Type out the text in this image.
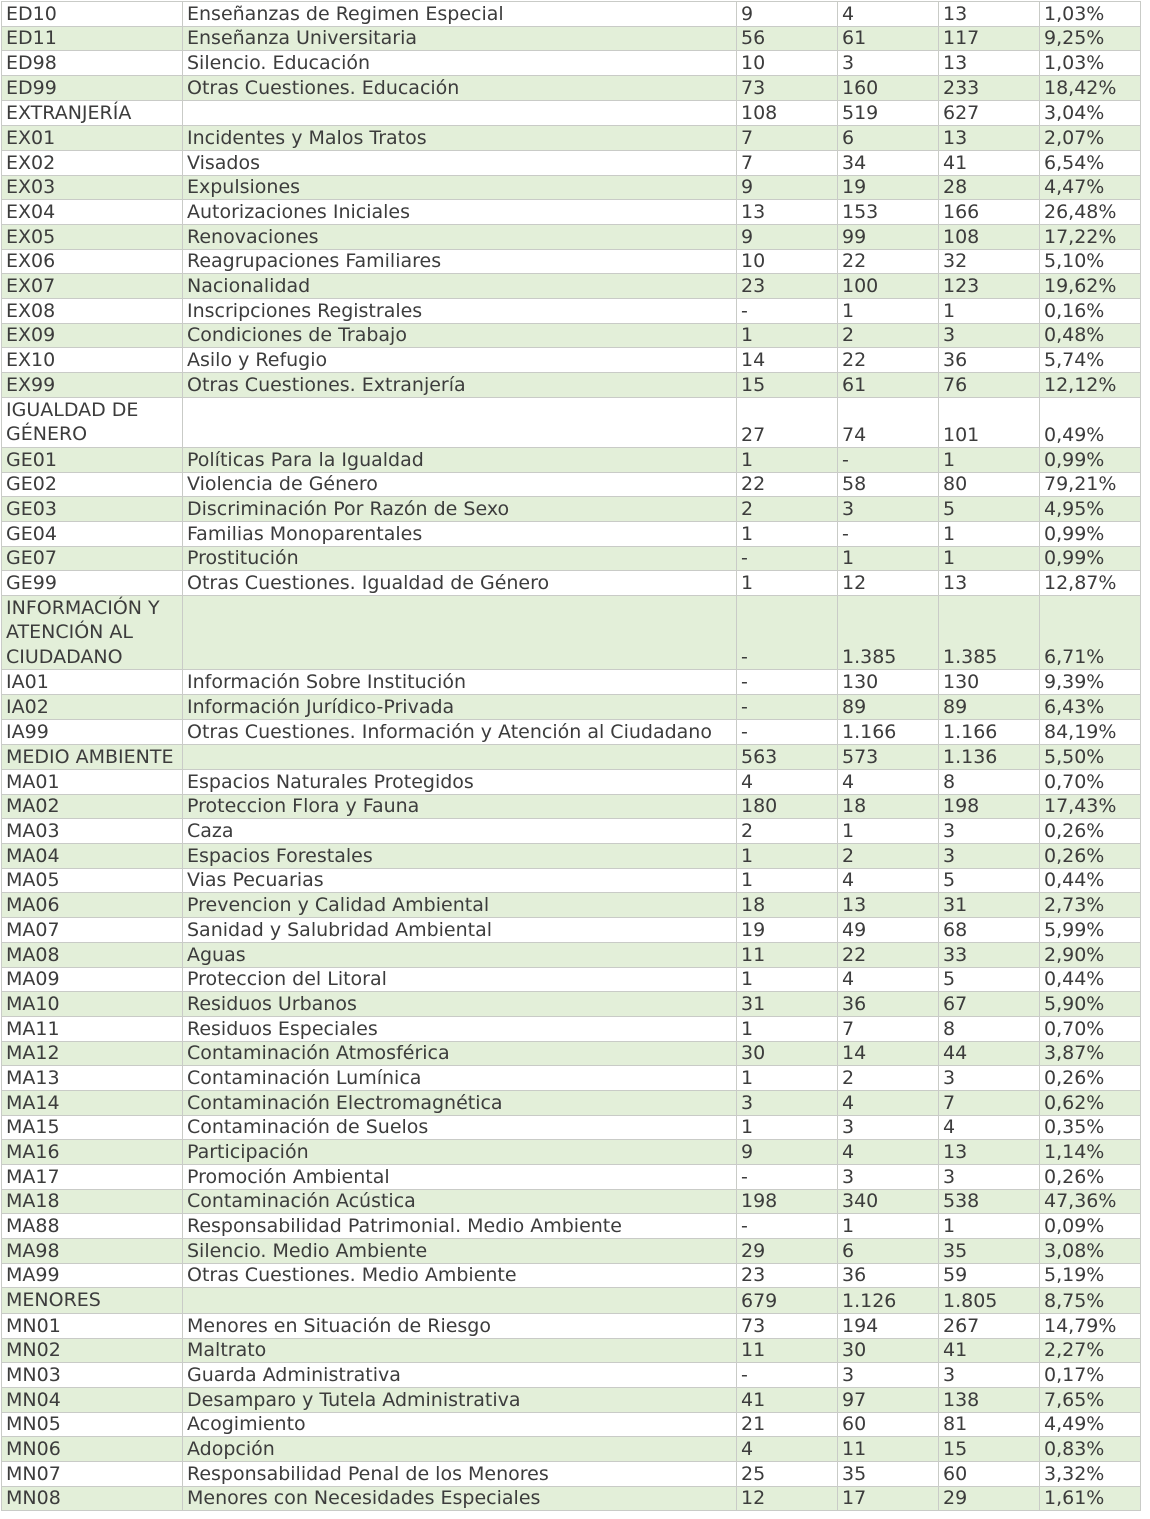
ED10	Enseñanzas de Regimen Especial	9	4	13	1,03%
ED11	Enseñanza Universitaria	56	61	117	9,25%
ED98	Silencio. Educación	10	3	13	1,03%
ED99	Otras Cuestiones. Educación	73	160	233	18,42%
EXTRANJERÍA		108	519	627	3,04%
EX01	Incidentes y Malos Tratos	7	6	13	2,07%
EX02	Visados	7	34	41	6,54%
EX03	Expulsiones	9	19	28	4,47%
EX04	Autorizaciones Iniciales	13	153	166	26,48%
EX05	Renovaciones	9	99	108	17,22%
EX06	Reagrupaciones Familiares	10	22	32	5,10%
EX07	Nacionalidad	23	100	123	19,62%
EX08	Inscripciones Registrales	-	1	1	0,16%
EX09	Condiciones de Trabajo	1	2	3	0,48%
EX10	Asilo y Refugio	14	22	36	5,74%
EX99	Otras Cuestiones. Extranjería	15	61	76	12,12%
IGUALDAD DE GÉNERO		27	74	101	0,49%
GE01	Políticas Para la Igualdad	1	-	1	0,99%
GE02	Violencia de Género	22	58	80	79,21%
GE03	Discriminación Por Razón de Sexo	2	3	5	4,95%
GE04	Familias Monoparentales	1	-	1	0,99%
GE07	Prostitución	-	1	1	0,99%
GE99	Otras Cuestiones. Igualdad de Género	1	12	13	12,87%
INFORMACIÓN Y ATENCIÓN AL CIUDADANO		-	1.385	1.385	6,71%
IA01	Información Sobre Institución	-	130	130	9,39%
IA02	Información Jurídico-Privada	-	89	89	6,43%
IA99	Otras Cuestiones. Información y Atención al Ciudadano	-	1.166	1.166	84,19%
MEDIO AMBIENTE		563	573	1.136	5,50%
MA01	Espacios Naturales Protegidos	4	4	8	0,70%
MA02	Proteccion Flora y Fauna	180	18	198	17,43%
MA03	Caza	2	1	3	0,26%
MA04	Espacios Forestales	1	2	3	0,26%
MA05	Vias Pecuarias	1	4	5	0,44%
MA06	Prevencion y Calidad Ambiental	18	13	31	2,73%
MA07	Sanidad y Salubridad Ambiental	19	49	68	5,99%
MA08	Aguas	11	22	33	2,90%
MA09	Proteccion del Litoral	1	4	5	0,44%
MA10	Residuos Urbanos	31	36	67	5,90%
MA11	Residuos Especiales	1	7	8	0,70%
MA12	Contaminación Atmosférica	30	14	44	3,87%
MA13	Contaminación Lumínica	1	2	3	0,26%
MA14	Contaminación Electromagnética	3	4	7	0,62%
MA15	Contaminación de Suelos	1	3	4	0,35%
MA16	Participación	9	4	13	1,14%
MA17	Promoción Ambiental	-	3	3	0,26%
MA18	Contaminación Acústica	198	340	538	47,36%
MA88	Responsabilidad Patrimonial. Medio Ambiente	-	1	1	0,09%
MA98	Silencio. Medio Ambiente	29	6	35	3,08%
MA99	Otras Cuestiones. Medio Ambiente	23	36	59	5,19%
MENORES		679	1.126	1.805	8,75%
MN01	Menores en Situación de Riesgo	73	194	267	14,79%
MN02	Maltrato	11	30	41	2,27%
MN03	Guarda Administrativa	-	3	3	0,17%
MN04	Desamparo y Tutela Administrativa	41	97	138	7,65%
MN05	Acogimiento	21	60	81	4,49%
MN06	Adopción	4	11	15	0,83%
MN07	Responsabilidad Penal de los Menores	25	35	60	3,32%
MN08	Menores con Necesidades Especiales	12	17	29	1,61%
